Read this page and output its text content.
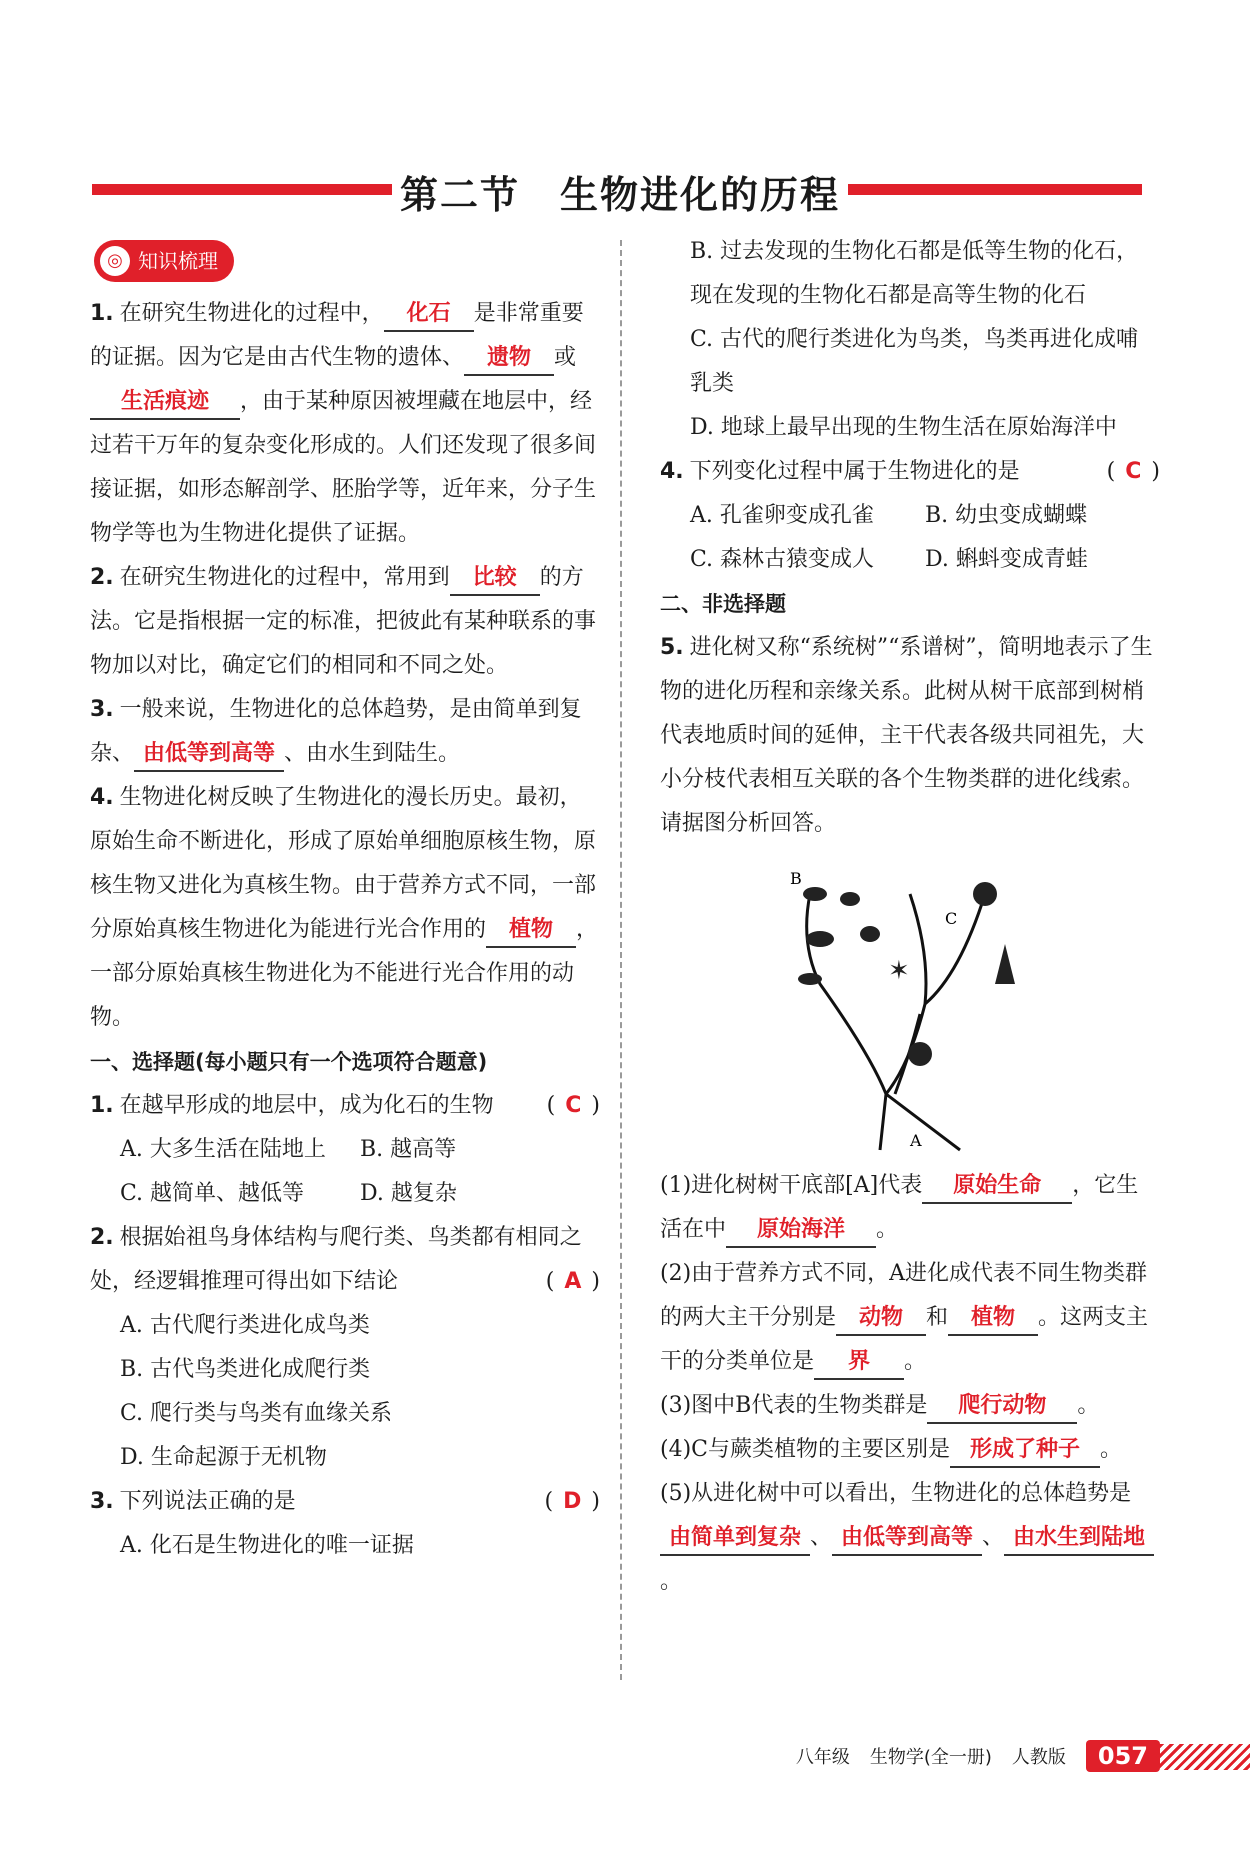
第二节　生物进化的历程
◎ 知识梳理

1. 在研究生物进化的过程中， 化石 是非常重要的证据。因为它是由古代生物的遗体、 遗物 或生活痕迹 ，由于某种原因被埋藏在地层中，经过若干万年的复杂变化形成的。人们还发现了很多间接证据，如形态解剖学、胚胎学等，近年来，分子生物学等也为生物进化提供了证据。

2. 在研究生物进化的过程中，常用到 比较 的方法。它是指根据一定的标准，把彼此有某种联系的事物加以对比，确定它们的相同和不同之处。

3. 一般来说，生物进化的总体趋势，是由简单到复杂、 由低等到高等 、由水生到陆生。

4. 生物进化树反映了生物进化的漫长历史。最初，原始生命不断进化，形成了原始单细胞原核生物，原核生物又进化为真核生物。由于营养方式不同，一部分原始真核生物进化为能进行光合作用的 植物 ，一部分原始真核生物进化为不能进行光合作用的动物。

一、选择题(每小题只有一个选项符合题意)

1. 在越早形成的地层中，成为化石的生物 ( C )

A. 大多生活在陆地上	B. 越高等
C. 越简单、越低等	D. 越复杂

2. 根据始祖鸟身体结构与爬行类、鸟类都有相同之处，经逻辑推理可得出如下结论	( A )

A. 古代爬行类进化成鸟类

B. 古代鸟类进化成爬行类

C. 爬行类与鸟类有血缘关系

D. 生命起源于无机物

3. 下列说法正确的是	( D )

A. 化石是生物进化的唯一证据

B. 过去发现的生物化石都是低等生物的化石，现在发现的生物化石都是高等生物的化石

C. 古代的爬行类进化为鸟类，鸟类再进化成哺乳类

D. 地球上最早出现的生物生活在原始海洋中

4. 下列变化过程中属于生物进化的是	( C )

A. 孔雀卵变成孔雀	B. 幼虫变成蝴蝶
C. 森林古猿变成人	D. 蝌蚪变成青蛙

二、非选择题

5. 进化树又称“系统树”“系谱树”，简明地表示了生物的进化历程和亲缘关系。此树从树干底部到树梢代表地质时间的延伸，主干代表各级共同祖先，大小分枝代表相互关联的各个生物类群的进化线索。请据图分析回答。

✶
B
C
A

(1)进化树树干底部[A]代表 原始生命 ，它生活在中 原始海洋 。

(2)由于营养方式不同，A进化成代表不同生物类群的两大主干分别是 动物 和 植物 。这两支主干的分类单位是 界 。

(3)图中B代表的生物类群是 爬行动物 。

(4)C与蕨类植物的主要区别是 形成了种子 。

(5)从进化树中可以看出，生物进化的总体趋势是由简单到复杂 、 由低等到高等 、 由水生到陆地。

八年级 生物学(全一册) 人教版	057
